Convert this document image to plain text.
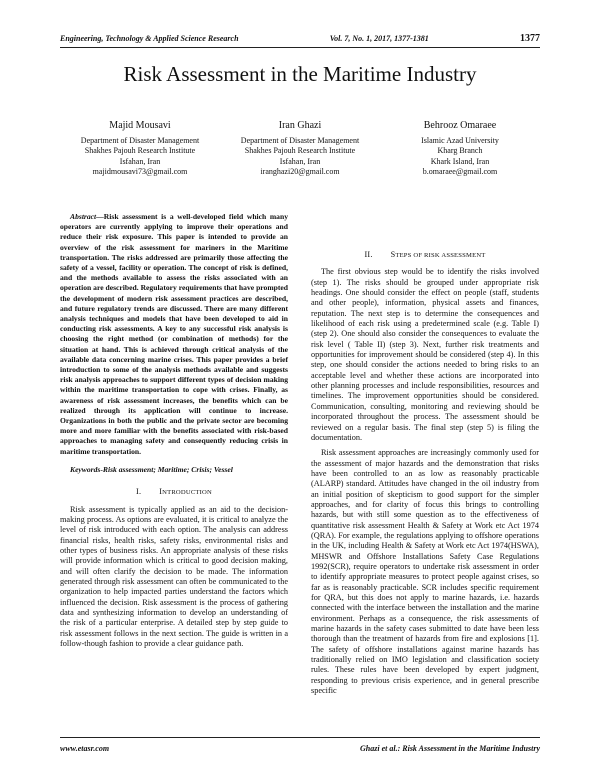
Engineering, Technology & Applied Science Research	Vol. 7, No. 1, 2017, 1377-1381	1377
Risk Assessment in the Maritime Industry
Majid Mousavi
Department of Disaster Management
Shakhes Pajouh Research Institute
Isfahan, Iran
majidmousavi73@gmail.com
Iran Ghazi
Department of Disaster Management
Shakhes Pajouh Research Institute
Isfahan, Iran
iranghazi20@gmail.com
Behrooz Omaraee
Islamic Azad University
Kharg Branch
Khark Island, Iran
b.omaraee@gmail.com
Abstract—Risk assessment is a well-developed field which many operators are currently applying to improve their operations and reduce their risk exposure. This paper is intended to provide an overview of the risk assessment for mariners in the Maritime transportation. The risks addressed are primarily those affecting the safety of a vessel, facility or operation. The concept of risk is defined, and the methods available to assess the risks associated with an operation are described. Regulatory requirements that have prompted the development of modern risk assessment practices are described, and future regulatory trends are discussed. There are many different analysis techniques and models that have been developed to aid in conducting risk assessments. A key to any successful risk analysis is choosing the right method (or combination of methods) for the situation at hand. This is achieved through critical analysis of the available data concerning marine crises. This paper provides a brief introduction to some of the analysis methods available and suggests risk analysis approaches to support different types of decision making within the maritime transportation to cope with crises. Finally, as awareness of risk assessment increases, the benefits which can be realized through its application will continue to increase. Organizations in both the public and the private sector are becoming more and more familiar with the benefits associated with risk-based approaches to managing safety and consequently reducing crisis in maritime transportation.
Keywords-Risk assessment; Maritime; Crisis; Vessel
I. INTRODUCTION

Risk assessment is typically applied as an aid to the decision-making process. As options are evaluated, it is critical to analyze the level of risk introduced with each option. The analysis can address financial risks, health risks, safety risks, environmental risks and other types of business risks. An appropriate analysis of these risks will provide information which is critical to good decision making, and will often clarify the decision to be made. The information generated through risk assessment can often be communicated to the organization to help impacted parties understand the factors which influenced the decision. Risk assessment is the process of gathering data and synthesizing information to develop an understanding of the risk of a particular enterprise. A detailed step by step guide to risk assessment follows in the next section. The guide is written in a follow-though fashion to provide a clear guidance path.

II. STEPS OF RISK ASSESSMENT

The first obvious step would be to identify the risks involved (step 1). The risks should be grouped under appropriate risk headings. One should consider the effect on people (staff, students and other people), information, physical assets and finances, reputation. The next step is to determine the consequences and likelihood of each risk using a predetermined scale (e.g. Table I) (step 2). One should also consider the consequences to evaluate the risk level ( Table II) (step 3). Next, further risk treatments and opportunities for improvement should be considered (step 4). In this step, one should consider the actions needed to bring risks to an acceptable level and whether these actions are incorporated into other planning processes and include responsibilities, resources and timelines. The improvement opportunities should be considered. Communication, consulting, monitoring and reviewing should be incorporated throughout the process. The assessment should be reviewed on a regular basis. The final step (step 5) is filing the documentation.

Risk assessment approaches are increasingly commonly used for the assessment of major hazards and the demonstration that risks have been controlled to an as low as reasonably practicable (ALARP) standard. Attitudes have changed in the oil industry from an initial position of skepticism to good support for the simpler approaches, and for clarity of focus this brings to controlling hazards, but with still some question as to the effectiveness of quantitative risk assessment Health & Safety at Work etc Act 1974 (QRA). For example, the regulations applying to offshore operations in the UK, including Health & Safety at Work etc Act 1974(HSWA), MHSWR and Offshore Installations Safety Case Regulations 1992(SCR), require operators to undertake risk assessment in order to identify appropriate measures to protect people against crises, so far as is reasonably practicable. SCR includes specific requirement for QRA, but this does not apply to marine hazards, i.e. hazards connected with the interface between the installation and the marine environment. Perhaps as a consequence, the risk assessments of marine hazards in the safety cases submitted to date have been less thorough than the treatment of hazards from fire and explosions [1]. The safety of offshore installations against marine hazards has traditionally relied on IMO legislation and classification society rules. These rules have been developed by expert judgment, responding to previous crisis experience, and in general prescribe specific

www.etasr.com	Ghazi et al.: Risk Assessment in the Maritime Industry
